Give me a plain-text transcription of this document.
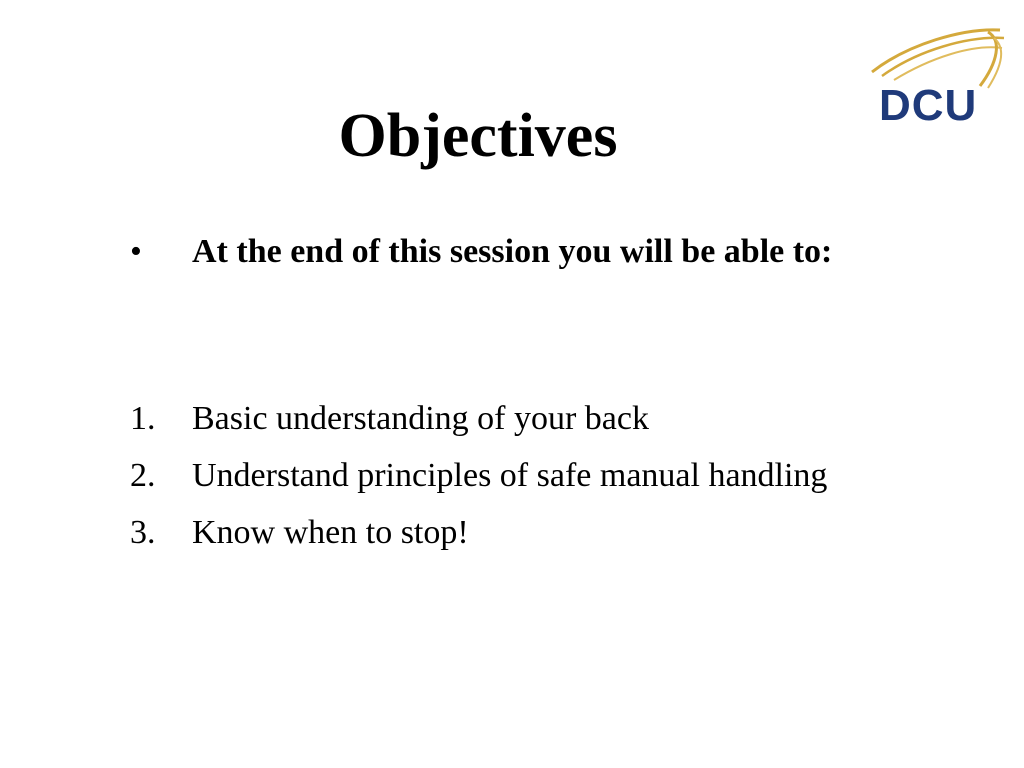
DCU
Objectives
•	At the end of this session you will be able to:
1.	Basic understanding of your back
2.	Understand principles of safe manual handling
3.	Know when to stop!
